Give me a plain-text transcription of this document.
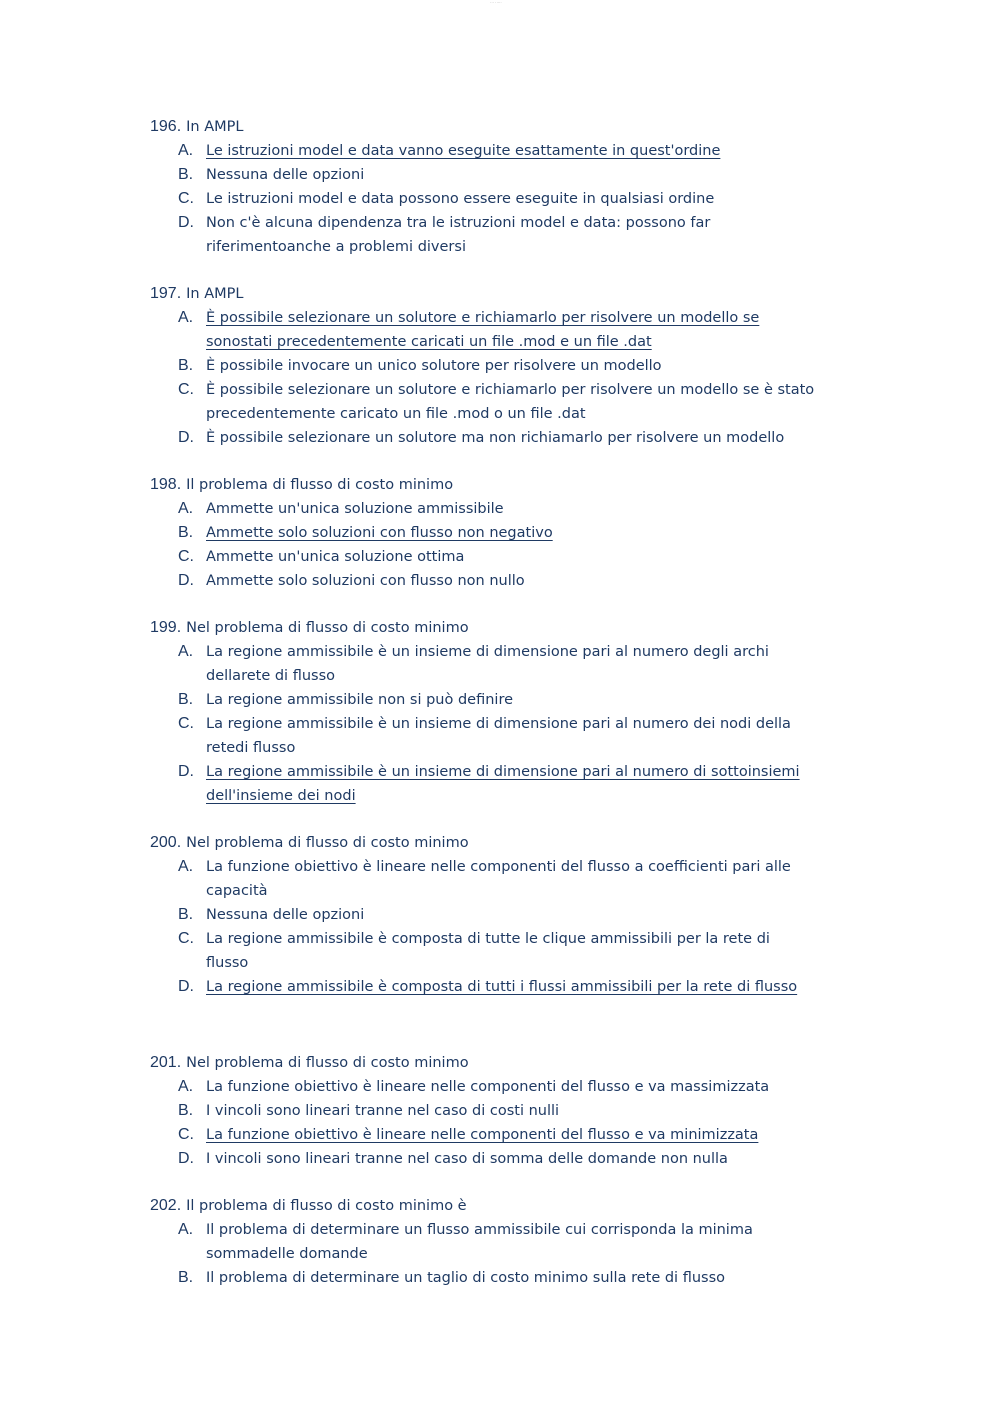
··· ·····
196. In AMPL
A. Le istruzioni model e data vanno eseguite esattamente in quest'ordine
B. Nessuna delle opzioni
C. Le istruzioni model e data possono essere eseguite in qualsiasi ordine
D. Non c'è alcuna dipendenza tra le istruzioni model e data: possono far riferimentoanche a problemi diversi
197. In AMPL
A. È possibile selezionare un solutore e richiamarlo per risolvere un modello se sonostati precedentemente caricati un file .mod e un file .dat
B. È possibile invocare un unico solutore per risolvere un modello
C. È possibile selezionare un solutore e richiamarlo per risolvere un modello se è stato precedentemente caricato un file .mod o un file .dat
D. È possibile selezionare un solutore ma non richiamarlo per risolvere un modello
198. Il problema di flusso di costo minimo
A. Ammette un'unica soluzione ammissibile
B. Ammette solo soluzioni con flusso non negativo
C. Ammette un'unica soluzione ottima
D. Ammette solo soluzioni con flusso non nullo
199. Nel problema di flusso di costo minimo
A. La regione ammissibile è un insieme di dimensione pari al numero degli archi dellarete di flusso
B. La regione ammissibile non si può definire
C. La regione ammissibile è un insieme di dimensione pari al numero dei nodi della retedi flusso
D. La regione ammissibile è un insieme di dimensione pari al numero di sottoinsiemi dell'insieme dei nodi
200. Nel problema di flusso di costo minimo
A. La funzione obiettivo è lineare nelle componenti del flusso a coefficienti pari alle capacità
B. Nessuna delle opzioni
C. La regione ammissibile è composta di tutte le clique ammissibili per la rete di flusso
D. La regione ammissibile è composta di tutti i flussi ammissibili per la rete di flusso
201. Nel problema di flusso di costo minimo
A. La funzione obiettivo è lineare nelle componenti del flusso e va massimizzata
B. I vincoli sono lineari tranne nel caso di costi nulli
C. La funzione obiettivo è lineare nelle componenti del flusso e va minimizzata
D. I vincoli sono lineari tranne nel caso di somma delle domande non nulla
202. Il problema di flusso di costo minimo è
A. Il problema di determinare un flusso ammissibile cui corrisponda la minima sommadelle domande
B. Il problema di determinare un taglio di costo minimo sulla rete di flusso
